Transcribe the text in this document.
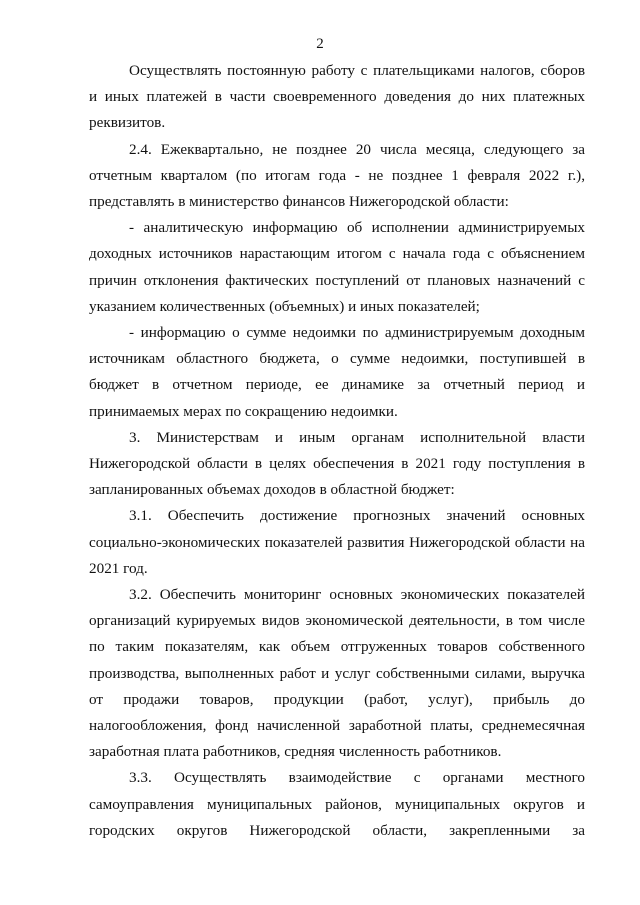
2

Осуществлять постоянную работу с плательщиками налогов, сборов и иных платежей в части своевременного доведения до них платежных реквизитов.

2.4. Ежеквартально, не позднее 20 числа месяца, следующего за отчетным кварталом (по итогам года - не позднее 1 февраля 2022 г.), представлять в министерство финансов Нижегородской области:

- аналитическую информацию об исполнении администрируемых доходных источников нарастающим итогом с начала года с объяснением причин отклонения фактических поступлений от плановых назначений с указанием количественных (объемных) и иных показателей;

- информацию о сумме недоимки по администрируемым доходным источникам областного бюджета, о сумме недоимки, поступившей в бюджет в отчетном периоде, ее динамике за отчетный период и принимаемых мерах по сокращению недоимки.

3. Министерствам и иным органам исполнительной власти Нижегородской области в целях обеспечения в 2021 году поступления в запланированных объемах доходов в областной бюджет:

3.1. Обеспечить достижение прогнозных значений основных социально-экономических показателей развития Нижегородской области на 2021 год.

3.2. Обеспечить мониторинг основных экономических показателей организаций курируемых видов экономической деятельности, в том числе по таким показателям, как объем отгруженных товаров собственного производства, выполненных работ и услуг собственными силами, выручка от продажи товаров, продукции (работ, услуг), прибыль до налогообложения, фонд начисленной заработной платы, среднемесячная заработная плата работников, средняя численность работников.

3.3. Осуществлять взаимодействие с органами местного самоуправления муниципальных районов, муниципальных округов и городских округов Нижегородской области, закрепленными за
